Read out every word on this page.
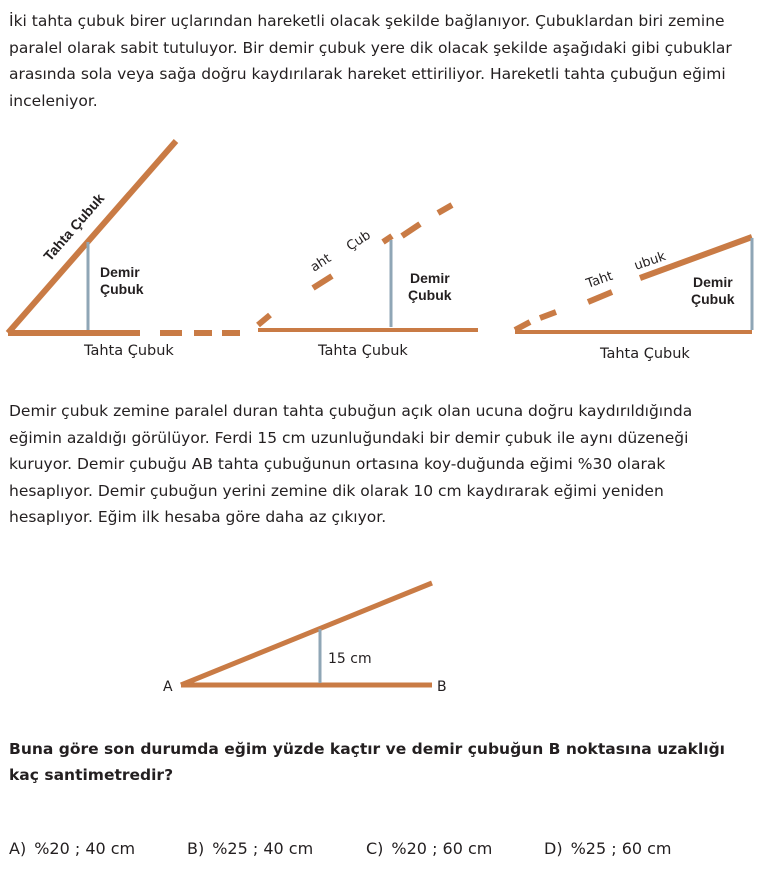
İki tahta çubuk birer uçlarından hareketli olacak şekilde bağlanıyor. Çubuklardan biri zemine paralel olarak sabit tutuluyor. Bir demir çubuk yere dik olacak şekilde aşağıdaki gibi çubuklar arasında sola veya sağa doğru kaydırılarak hareket ettiriliyor. Hareketli tahta çubuğun eğimi inceleniyor.

Tahta Çubuk
Demir
Çubuk
Tahta Çubuk
aht
Çub
Demir
Çubuk
Tahta Çubuk
Taht
ubuk
Demir
Çubuk
Tahta Çubuk
A	B
15 cm

Demir çubuk zemine paralel duran tahta çubuğun açık olan ucuna doğru kaydırıldığında eğimin azaldığı görülüyor. Ferdi 15 cm uzunluğundaki bir demir çubuk ile aynı düzeneği kuruyor. Demir çubuğu AB tahta çubuğunun ortasına koy-duğunda eğimi %30 olarak hesaplıyor. Demir çubuğun yerini zemine dik olarak 10 cm kaydırarak eğimi yeniden hesaplıyor. Eğim ilk hesaba göre daha az çıkıyor.

Buna göre son durumda eğim yüzde kaçtır ve demir çubuğun B noktasına uzaklığı kaç santimetredir?

A) %20 ; 40 cm	B) %25 ; 40 cm	C) %20 ; 60 cm	D) %25 ; 60 cm
